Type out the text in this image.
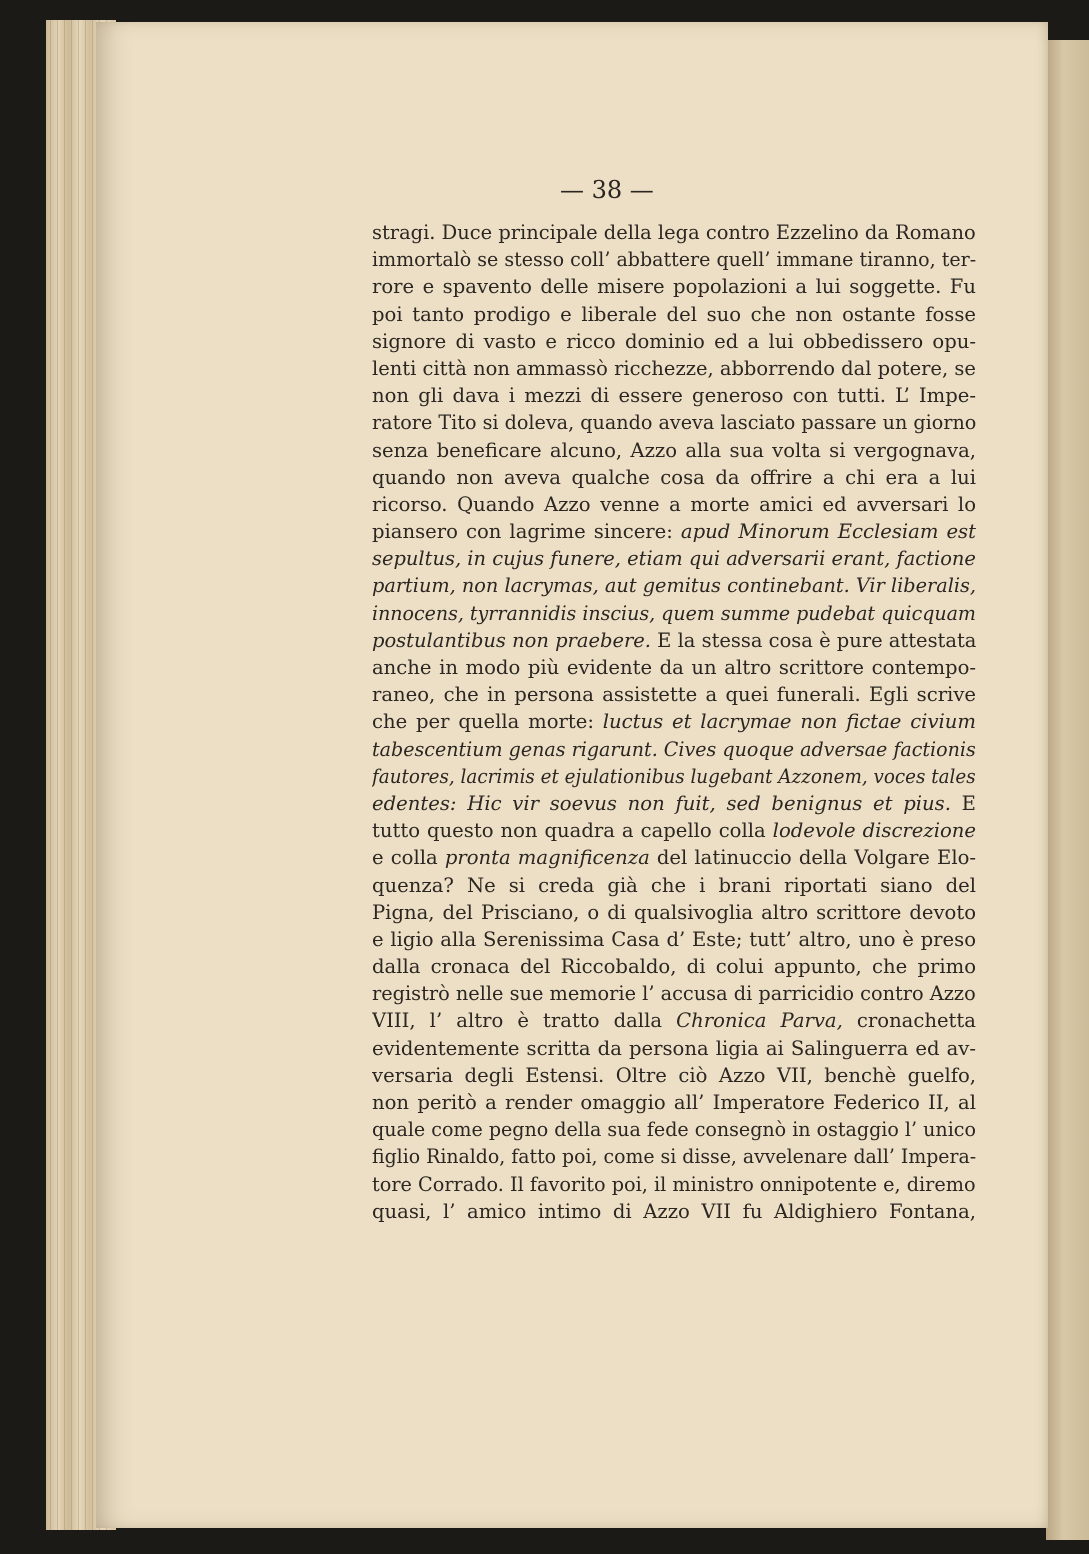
— 38 —

stragi. Duce principale della lega contro Ezzelino da Romano
immortalò se stesso coll’ abbattere quell’ immane tiranno, ter-
rore e spavento delle misere popolazioni a lui soggette. Fu
poi tanto prodigo e liberale del suo che non ostante fosse
signore di vasto e ricco dominio ed a lui obbedissero opu-
lenti città non ammassò ricchezze, abborrendo dal potere, se
non gli dava i mezzi di essere generoso con tutti. L’ Impe-
ratore Tito si doleva, quando aveva lasciato passare un giorno
senza beneficare alcuno, Azzo alla sua volta si vergognava,
quando non aveva qualche cosa da offrire a chi era a lui
ricorso. Quando Azzo venne a morte amici ed avversari lo
piansero con lagrime sincere: apud Minorum Ecclesiam est
sepultus, in cujus funere, etiam qui adversarii erant, factione
partium, non lacrymas, aut gemitus continebant. Vir liberalis,
innocens, tyrrannidis inscius, quem summe pudebat quicquam
postulantibus non praebere. E la stessa cosa è pure attestata
anche in modo più evidente da un altro scrittore contempo-
raneo, che in persona assistette a quei funerali. Egli scrive
che per quella morte: luctus et lacrymae non fictae civium
tabescentium genas rigarunt. Cives quoque adversae factionis
fautores, lacrimis et ejulationibus lugebant Azzonem, voces tales
edentes: Hic vir soevus non fuit, sed benignus et pius. E
tutto questo non quadra a capello colla lodevole discrezione
e colla pronta magnificenza del latinuccio della Volgare Elo-
quenza? Ne si creda già che i brani riportati siano del
Pigna, del Prisciano, o di qualsivoglia altro scrittore devoto
e ligio alla Serenissima Casa d’ Este; tutt’ altro, uno è preso
dalla cronaca del Riccobaldo, di colui appunto, che primo
registrò nelle sue memorie l’ accusa di parricidio contro Azzo
VIII, l’ altro è tratto dalla Chronica Parva, cronachetta
evidentemente scritta da persona ligia ai Salinguerra ed av-
versaria degli Estensi. Oltre ciò Azzo VII, benchè guelfo,
non peritò a render omaggio all’ Imperatore Federico II, al
quale come pegno della sua fede consegnò in ostaggio l’ unico
figlio Rinaldo, fatto poi, come si disse, avvelenare dall’ Impera-
tore Corrado. Il favorito poi, il ministro onnipotente e, diremo
quasi, l’ amico intimo di Azzo VII fu Aldighiero Fontana,
